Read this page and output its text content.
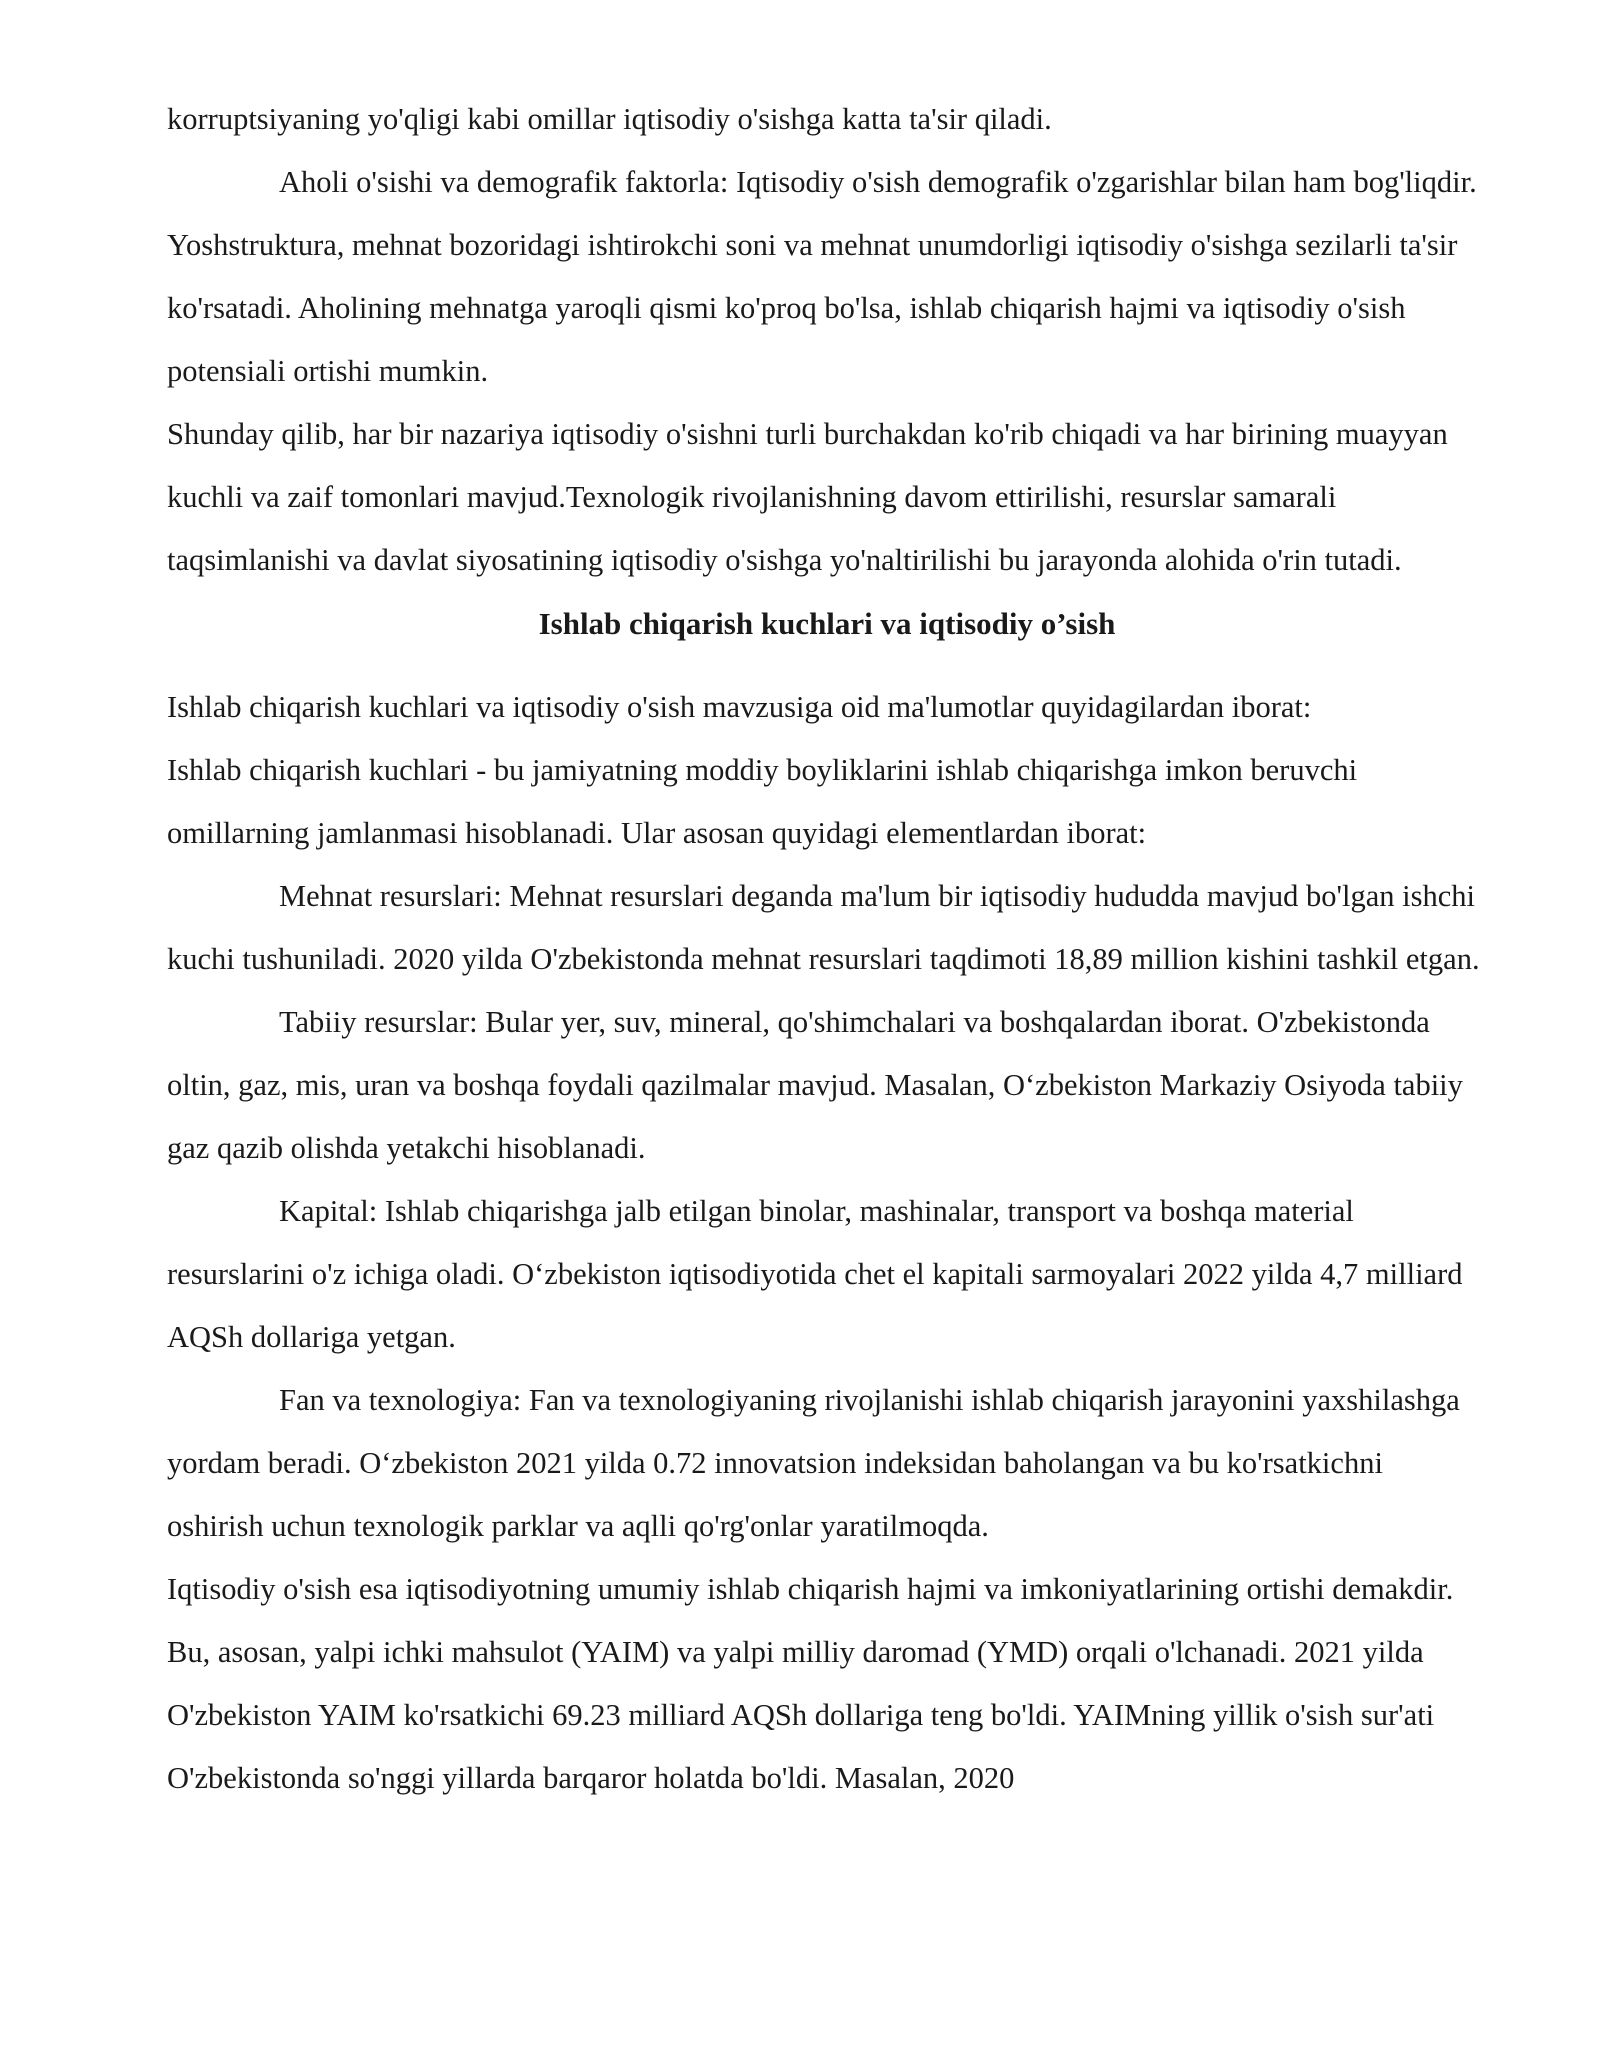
korruptsiyaning yo'qligi kabi omillar iqtisodiy o'sishga katta ta'sir qiladi.

Aholi o'sishi va demografik faktorla: Iqtisodiy o'sish demografik o'zgarishlar bilan ham bog'liqdir. Yoshstruktura, mehnat bozoridagi ishtirokchi soni va mehnat unumdorligi iqtisodiy o'sishga sezilarli ta'sir ko'rsatadi. Aholining mehnatga yaroqli qismi ko'proq bo'lsa, ishlab chiqarish hajmi va iqtisodiy o'sish potensiali ortishi mumkin.

Shunday qilib, har bir nazariya iqtisodiy o'sishni turli burchakdan ko'rib chiqadi va har birining muayyan kuchli va zaif tomonlari mavjud.Texnologik rivojlanishning davom ettirilishi, resurslar samarali taqsimlanishi va davlat siyosatining iqtisodiy o'sishga yo'naltirilishi bu jarayonda alohida o'rin tutadi.

Ishlab chiqarish kuchlari va iqtisodiy o’sish

Ishlab chiqarish kuchlari va iqtisodiy o'sish mavzusiga oid ma'lumotlar quyidagilardan iborat:

Ishlab chiqarish kuchlari - bu jamiyatning moddiy boyliklarini ishlab chiqarishga imkon beruvchi omillarning jamlanmasi hisoblanadi. Ular asosan quyidagi elementlardan iborat:

Mehnat resurslari: Mehnat resurslari deganda ma'lum bir iqtisodiy hududda mavjud bo'lgan ishchi kuchi tushuniladi. 2020 yilda O'zbekistonda mehnat resurslari taqdimoti 18,89 million kishini tashkil etgan.

Tabiiy resurslar: Bular yer, suv, mineral, qo'shimchalari va boshqalardan iborat. O'zbekistonda oltin, gaz, mis, uran va boshqa foydali qazilmalar mavjud. Masalan, O‘zbekiston Markaziy Osiyoda tabiiy gaz qazib olishda yetakchi hisoblanadi.

Kapital: Ishlab chiqarishga jalb etilgan binolar, mashinalar, transport va boshqa material resurslarini o'z ichiga oladi. O‘zbekiston iqtisodiyotida chet el kapitali sarmoyalari 2022 yilda 4,7 milliard AQSh dollariga yetgan.

Fan va texnologiya: Fan va texnologiyaning rivojlanishi ishlab chiqarish jarayonini yaxshilashga yordam beradi. O‘zbekiston 2021 yilda 0.72 innovatsion indeksidan baholangan va bu ko'rsatkichni oshirish uchun texnologik parklar va aqlli qo'rg'onlar yaratilmoqda.

Iqtisodiy o'sish esa iqtisodiyotning umumiy ishlab chiqarish hajmi va imkoniyatlarining ortishi demakdir. Bu, asosan, yalpi ichki mahsulot (YAIM) va yalpi milliy daromad (YMD) orqali o'lchanadi. 2021 yilda O'zbekiston YAIM ko'rsatkichi 69.23 milliard AQSh dollariga teng bo'ldi. YAIMning yillik o'sish sur'ati O'zbekistonda so'nggi yillarda barqaror holatda bo'ldi. Masalan, 2020
